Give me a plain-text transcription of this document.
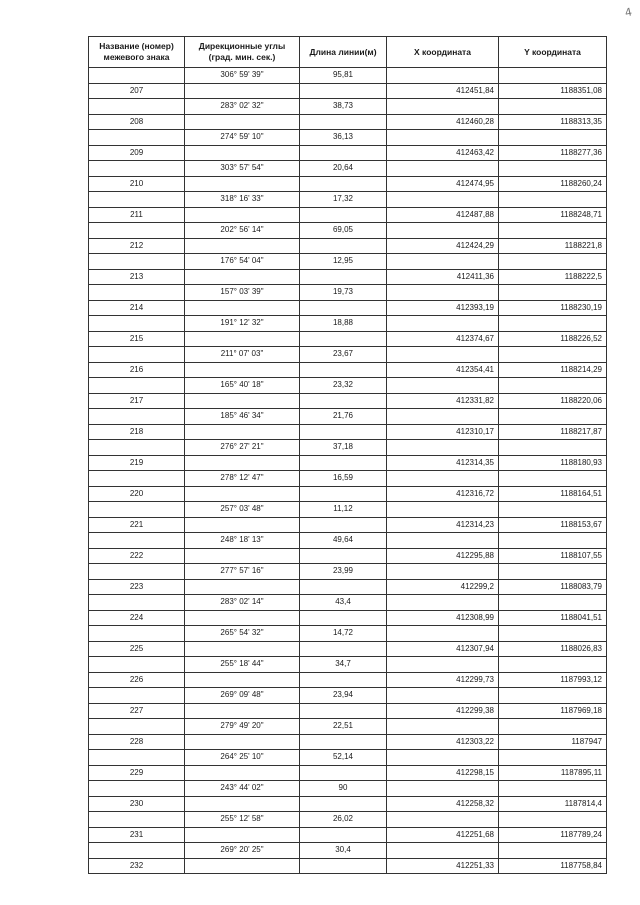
4
Название (номер) межевого знака	Дирекционные углы (град. мин. сек.)	Длина линии(м)	X координата	Y координата
	306° 59' 39"	95,81		
207			412451,84	1188351,08
	283° 02' 32"	38,73		
208			412460,28	1188313,35
	274° 59' 10"	36,13		
209			412463,42	1188277,36
	303° 57' 54"	20,64		
210			412474,95	1188260,24
	318° 16' 33"	17,32		
211			412487,88	1188248,71
	202° 56' 14"	69,05		
212			412424,29	1188221,8
	176° 54' 04"	12,95		
213			412411,36	1188222,5
	157° 03' 39"	19,73		
214			412393,19	1188230,19
	191° 12' 32"	18,88		
215			412374,67	1188226,52
	211° 07' 03"	23,67		
216			412354,41	1188214,29
	165° 40' 18"	23,32		
217			412331,82	1188220,06
	185° 46' 34"	21,76		
218			412310,17	1188217,87
	276° 27' 21"	37,18		
219			412314,35	1188180,93
	278° 12' 47"	16,59		
220			412316,72	1188164,51
	257° 03' 48"	11,12		
221			412314,23	1188153,67
	248° 18' 13"	49,64		
222			412295,88	1188107,55
	277° 57' 16"	23,99		
223			412299,2	1188083,79
	283° 02' 14"	43,4		
224			412308,99	1188041,51
	265° 54' 32"	14,72		
225			412307,94	1188026,83
	255° 18' 44"	34,7		
226			412299,73	1187993,12
	269° 09' 48"	23,94		
227			412299,38	1187969,18
	279° 49' 20"	22,51		
228			412303,22	1187947
	264° 25' 10"	52,14		
229			412298,15	1187895,11
	243° 44' 02"	90		
230			412258,32	1187814,4
	255° 12' 58"	26,02		
231			412251,68	1187789,24
	269° 20' 25"	30,4		
232			412251,33	1187758,84
